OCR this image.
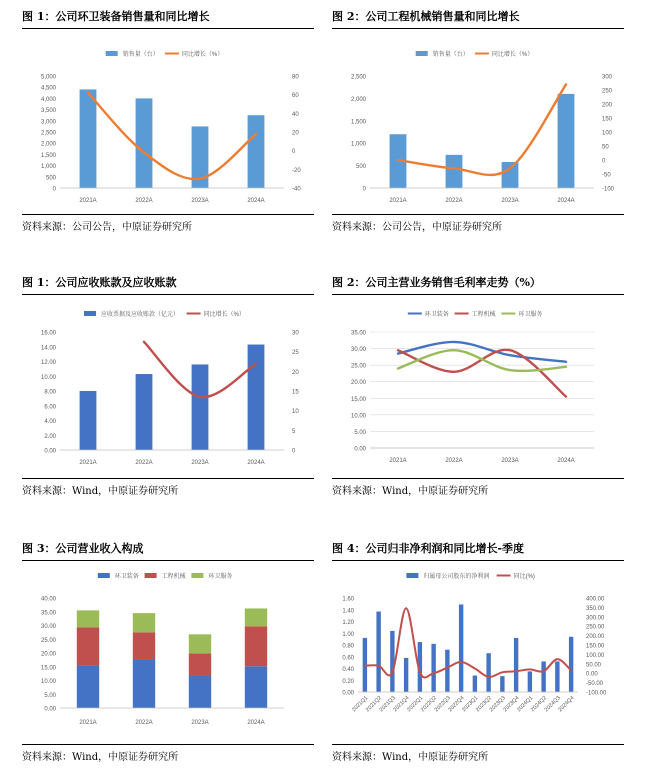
图 1：公司环卫装备销售量和同比增长
0
500
1,000
1,500
2,000
2,500
3,000
3,500
4,000
4,500
5,000
-40
-20
0
20
40
60
80
2021A	2022A	2023A	2024A
销售量（台）	同比增长（%）
资料来源：公司公告，中原证券研究所
图 2：公司工程机械销售量和同比增长
0
500
1,000
1,500
2,000
2,500
-100
-50
0
50
100
150
200
250
300
2021A	2022A	2023A	2024A
销售量（台）	同比增长（%）
资料来源：公司公告，中原证券研究所
图 1：公司应收账款及应收账款
0.00
2.00
4.00
6.00
8.00
10.00
12.00
14.00
16.00
0
5
10
15
20
25
30
2021A	2022A	2023A	2024A
应收票据及应收账款（亿元）	同比增长（%）
资料来源：Wind，中原证券研究所
图 2：公司主营业务销售毛利率走势（%）
0.00
5.00
10.00
15.00
20.00
25.00
30.00
35.00
2021A	2022A	2023A	2024A
环卫装备	工程机械	环卫服务
资料来源：Wind，中原证券研究所
图 3：公司营业收入构成
0.00
5.00
10.00
15.00
20.00
25.00
30.00
35.00
40.00
2021A	2022A	2023A	2024A
环卫装备	工程机械	环卫服务
资料来源：Wind，中原证券研究所
图 4：公司归非净利润和同比增长-季度
0.00
0.20
0.40
0.60
0.80
1.00
1.20
1.40
1.60
-100.00
-50.00
0.00
50.00
100.00
150.00
200.00
250.00
300.00
350.00
400.00
2021Q1
2021Q2
2021Q3
2021Q4
2022Q1
2022Q2
2022Q3
2022Q4
2023Q1
2023Q2
2023Q3
2023Q4
2024Q1
2024Q2
2024Q3
2024Q4
归属母公司股东的净利润	同比(%)
资料来源：Wind，中原证券研究所
